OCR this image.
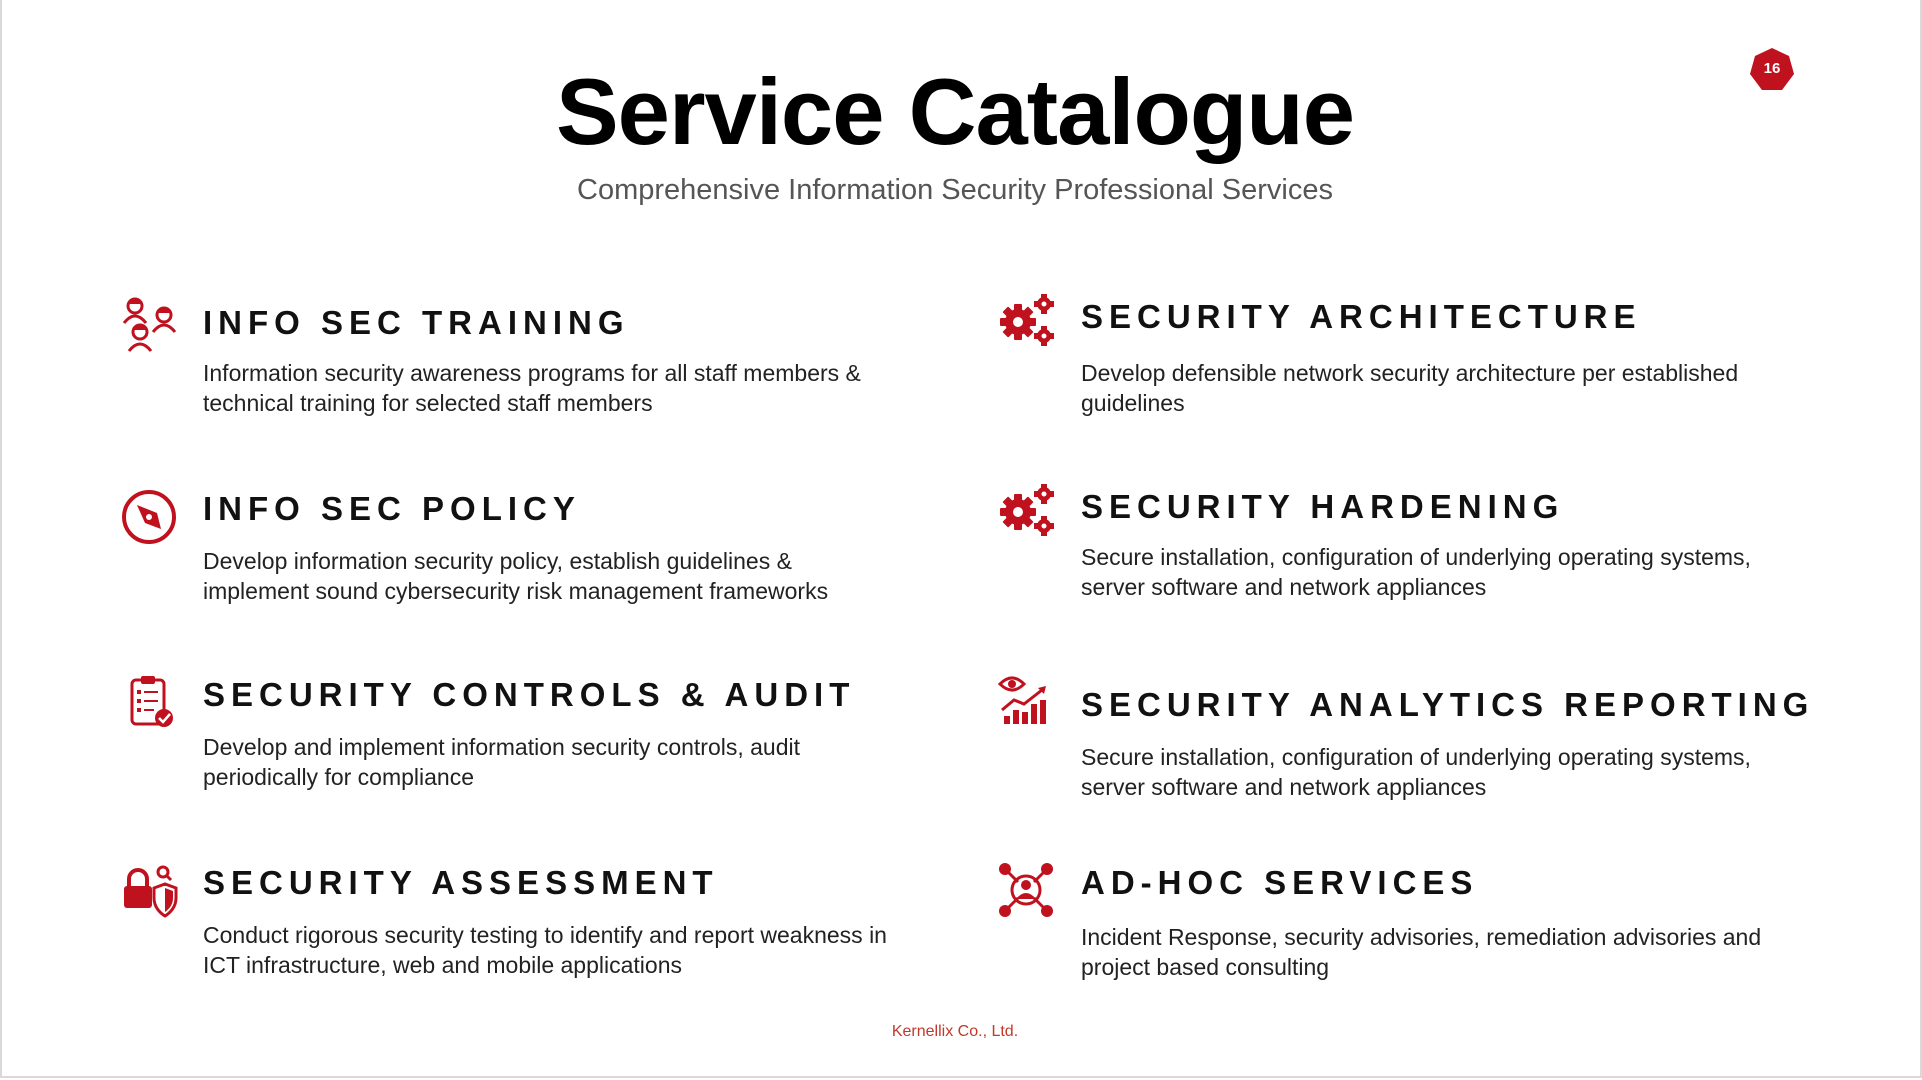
Service Catalogue
Comprehensive Information Security Professional Services
16
INFO SEC TRAINING
Information security awareness programs for all staff members & technical training for selected staff members
INFO SEC POLICY
Develop information security policy, establish guidelines & implement sound cybersecurity risk management frameworks
SECURITY CONTROLS & AUDIT
Develop and implement information security controls, audit periodically for compliance
SECURITY ASSESSMENT
Conduct rigorous security testing to identify and report weakness in ICT infrastructure, web and mobile applications
SECURITY ARCHITECTURE
Develop defensible network security architecture per established guidelines
SECURITY HARDENING
Secure installation, configuration of underlying operating systems, server software and network appliances
SECURITY ANALYTICS REPORTING
Secure installation, configuration of underlying operating systems, server software and network appliances
AD-HOC SERVICES
Incident Response, security advisories, remediation advisories and project based consulting
Kernellix Co., Ltd.
